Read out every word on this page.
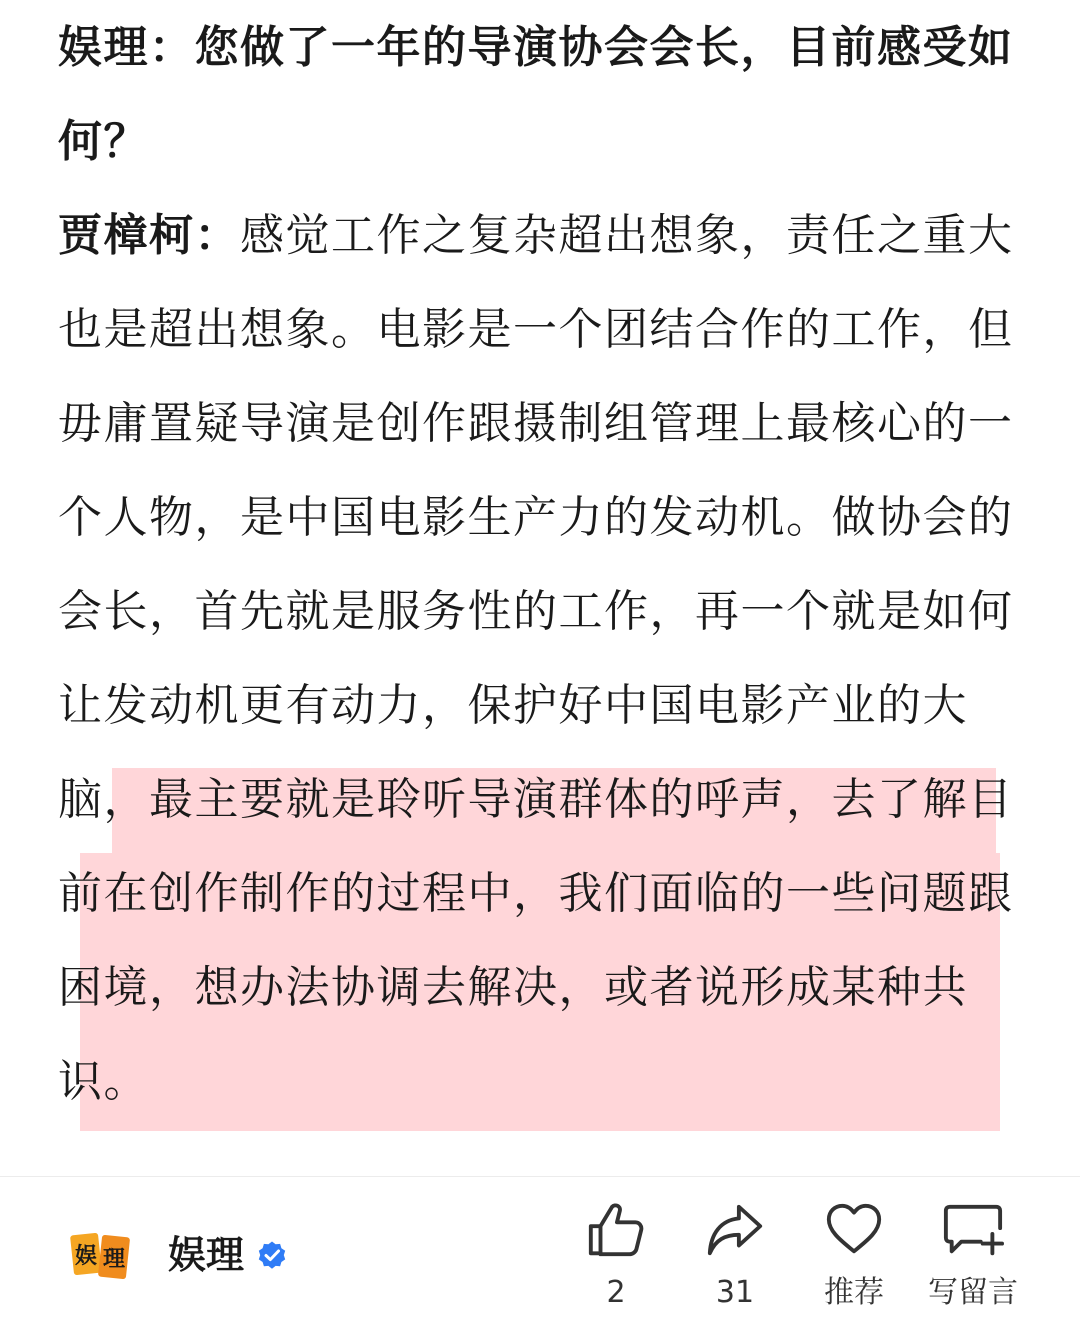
娱理：您做了一年的导演协会会长，目前感受如
何？
贾樟柯：感觉工作之复杂超出想象，责任之重大
也是超出想象。电影是一个团结合作的工作，但
毋庸置疑导演是创作跟摄制组管理上最核心的一
个人物，是中国电影生产力的发动机。做协会的
会长，首先就是服务性的工作，再一个就是如何
让发动机更有动力，保护好中国电影产业的大
脑，最主要就是聆听导演群体的呼声，去了解目
前在创作制作的过程中，我们面临的一些问题跟
困境，想办法协调去解决，或者说形成某种共
识。
娱 理 娱理
2	31	推荐	写留言
